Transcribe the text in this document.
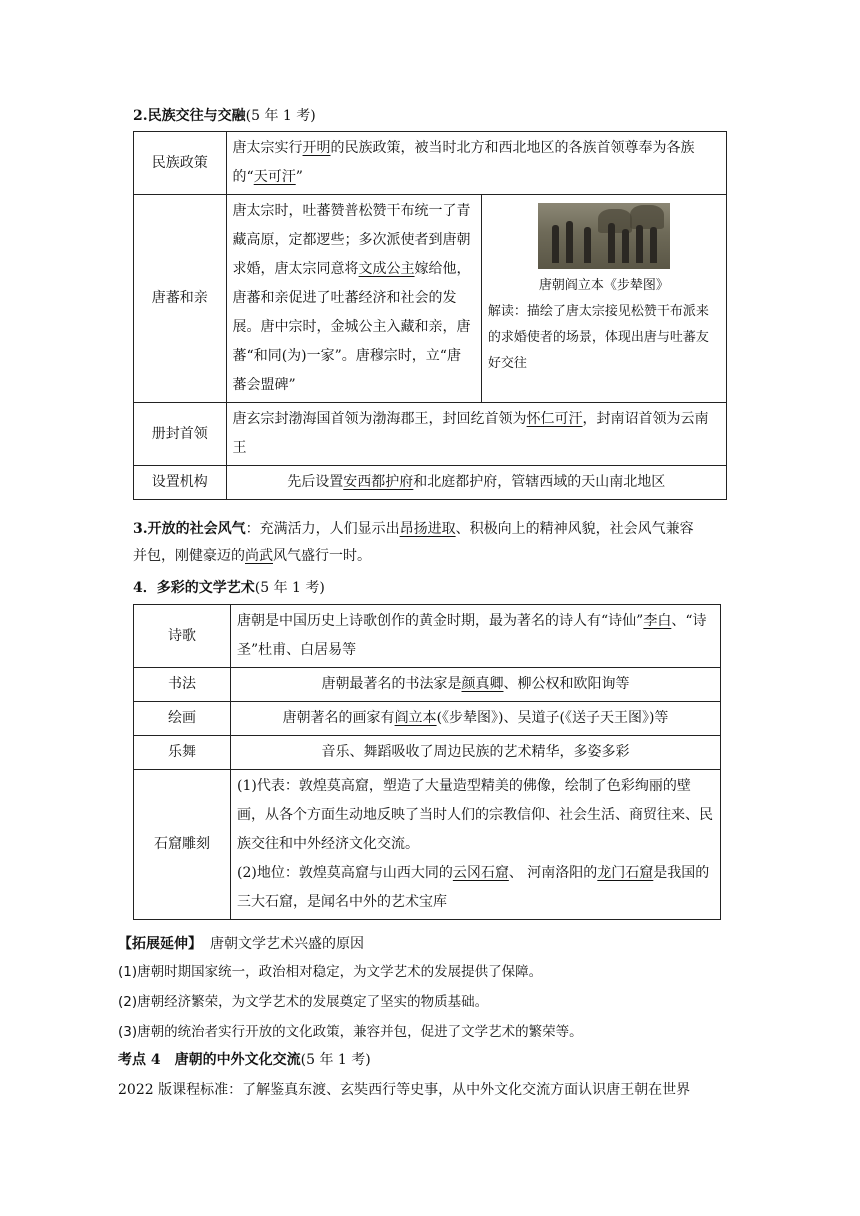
2.民族交往与交融(5 年 1 考)
民族政策	唐太宗实行开明的民族政策，被当时北方和西北地区的各族首领尊奉为各族的“天可汗”	
唐蕃和亲	唐太宗时，吐蕃赞普松赞干布统一了青藏高原，定都逻些；多次派使者到唐朝求婚，唐太宗同意将文成公主嫁给他，唐蕃和亲促进了吐蕃经济和社会的发展。唐中宗时，金城公主入藏和亲，唐蕃“和同(为)一家”。唐穆宗时，立“唐蕃会盟碑”	唐朝阎立本《步辇图》
解读：描绘了唐太宗接见松赞干布派来的求婚使者的场景，体现出唐与吐蕃友好交往

册封首领	唐玄宗封渤海国首领为渤海郡王，封回纥首领为怀仁可汗，封南诏首领为云南王	
设置机构	先后设置安西都护府和北庭都护府，管辖西域的天山南北地区	
3.开放的社会风气：充满活力，人们显示出昂扬进取、积极向上的精神风貌，社会风气兼容
并包，刚健豪迈的尚武风气盛行一时。
4．多彩的文学艺术(5 年 1 考)
诗歌	唐朝是中国历史上诗歌创作的黄金时期，最为著名的诗人有“诗仙”李白、“诗圣”杜甫、白居易等
书法	唐朝最著名的书法家是颜真卿、柳公权和欧阳询等
绘画	唐朝著名的画家有阎立本(《步辇图》)、吴道子(《送子天王图》)等
乐舞	音乐、舞蹈吸收了周边民族的艺术精华，多姿多彩
石窟雕刻	(1)代表：敦煌莫高窟，塑造了大量造型精美的佛像，绘制了色彩绚丽的壁画，从各个方面生动地反映了当时人们的宗教信仰、社会生活、商贸往来、民族交往和中外经济文化交流。
(2)地位：敦煌莫高窟与山西大同的云冈石窟、 河南洛阳的龙门石窟是我国的三大石窟，是闻名中外的艺术宝库
【拓展延伸】 唐朝文学艺术兴盛的原因
(1)唐朝时期国家统一，政治相对稳定，为文学艺术的发展提供了保障。
(2)唐朝经济繁荣，为文学艺术的发展奠定了坚实的物质基础。
(3)唐朝的统治者实行开放的文化政策，兼容并包，促进了文学艺术的繁荣等。
考点 4　唐朝的中外文化交流(5 年 1 考)
2022 版课程标准：了解鉴真东渡、玄奘西行等史事，从中外文化交流方面认识唐王朝在世界
